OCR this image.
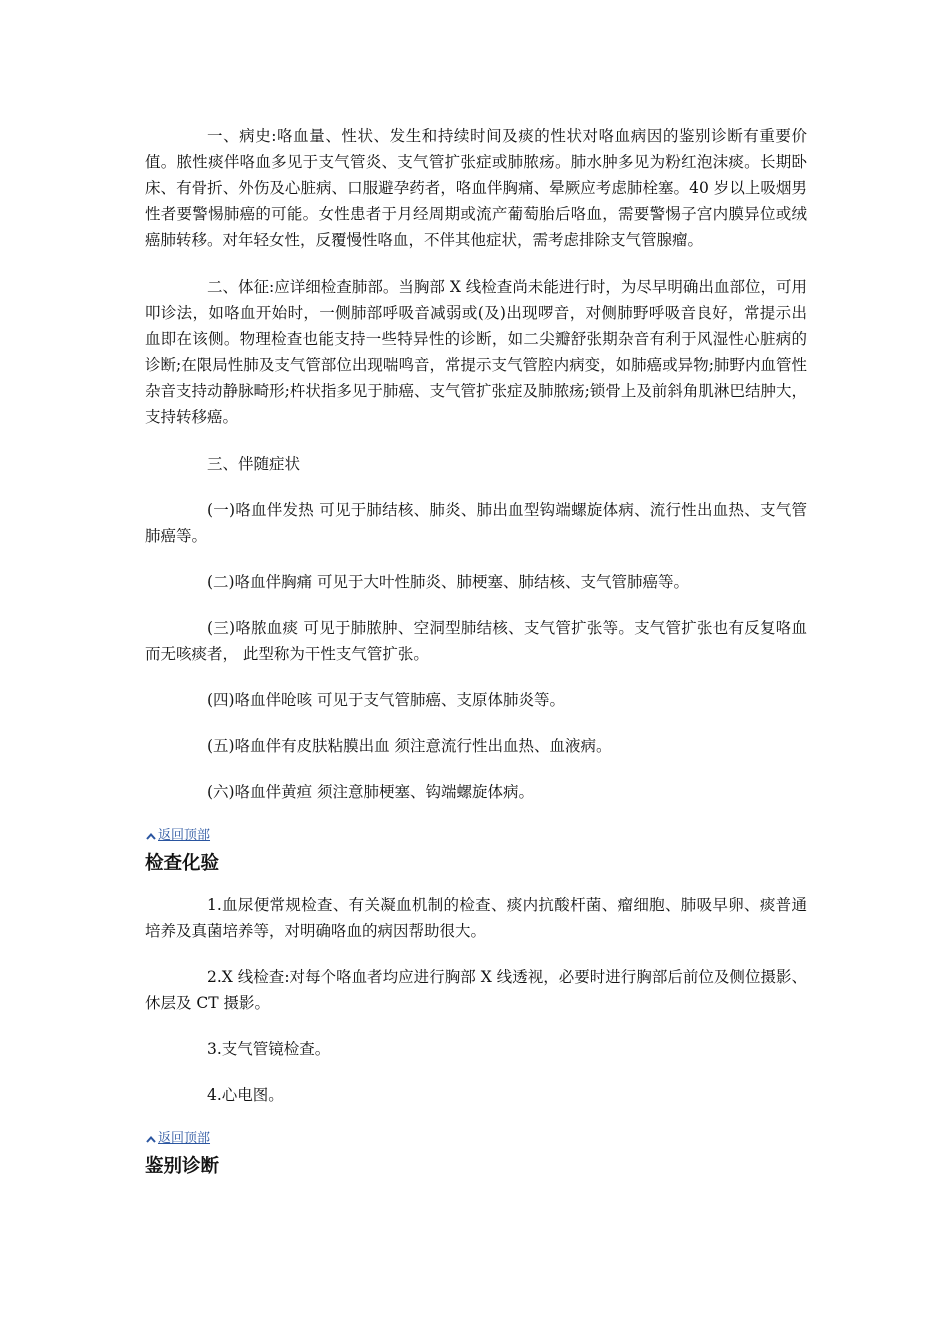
一、病史:咯血量、性状、发生和持续时间及痰的性状对咯血病因的鉴别诊断有重要价值。脓性痰伴咯血多见于支气管炎、支气管扩张症或肺脓疡。肺水肿多见为粉红泡沫痰。长期卧床、有骨折、外伤及心脏病、口服避孕药者，咯血伴胸痛、晕厥应考虑肺栓塞。40 岁以上吸烟男性者要警惕肺癌的可能。女性患者于月经周期或流产葡萄胎后咯血，需要警惕子宫内膜异位或绒癌肺转移。对年轻女性，反覆慢性咯血，不伴其他症状，需考虑排除支气管腺瘤。

二、体征:应详细检查肺部。当胸部 X 线检查尚未能进行时，为尽早明确出血部位，可用叩诊法，如咯血开始时，一侧肺部呼吸音减弱或(及)出现啰音，对侧肺野呼吸音良好，常提示出血即在该侧。物理检查也能支持一些特异性的诊断，如二尖瓣舒张期杂音有利于风湿性心脏病的诊断;在限局性肺及支气管部位出现喘鸣音，常提示支气管腔内病变，如肺癌或异物;肺野内血管性杂音支持动静脉畸形;杵状指多见于肺癌、支气管扩张症及肺脓疡;锁骨上及前斜角肌淋巴结肿大，支持转移癌。

三、伴随症状

(一)咯血伴发热 可见于肺结核、肺炎、肺出血型钩端螺旋体病、流行性出血热、支气管肺癌等。

(二)咯血伴胸痛 可见于大叶性肺炎、肺梗塞、肺结核、支气管肺癌等。

(三)咯脓血痰 可见于肺脓肿、空洞型肺结核、支气管扩张等。支气管扩张也有反复咯血而无咳痰者， 此型称为干性支气管扩张。

(四)咯血伴呛咳 可见于支气管肺癌、支原体肺炎等。

(五)咯血伴有皮肤粘膜出血 须注意流行性出血热、血液病。

(六)咯血伴黄疸 须注意肺梗塞、钩端螺旋体病。

返回顶部
检查化验

1.血尿便常规检查、有关凝血机制的检查、痰内抗酸杆菌、瘤细胞、肺吸早卵、痰普通培养及真菌培养等，对明确咯血的病因帮助很大。

2.X 线检查:对每个咯血者均应进行胸部 X 线透视，必要时进行胸部后前位及侧位摄影、休层及 CT 摄影。

3.支气管镜检查。

4.心电图。

返回顶部
鉴别诊断
